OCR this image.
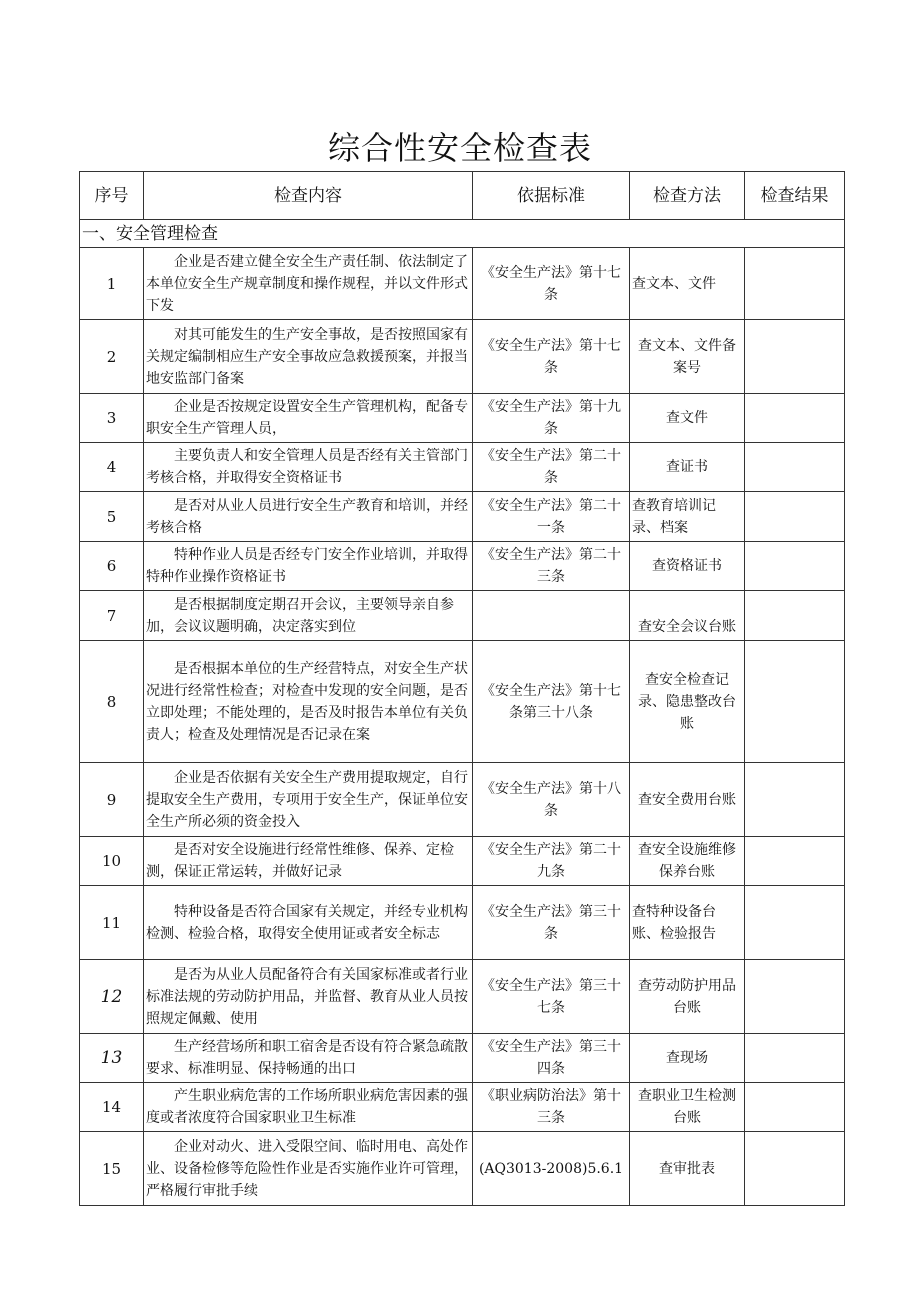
综合性安全检查表
序号	检查内容	依据标准	检查方法	检查结果
一、安全管理检查				
1	企业是否建立健全安全生产责任制、依法制定了本单位安全生产规章制度和操作规程，并以文件形式下发	《安全生产法》第十七条	查文本、文件	
2	对其可能发生的生产安全事故，是否按照国家有关规定编制相应生产安全事故应急救援预案，并报当地安监部门备案	《安全生产法》第十七条	查文本、文件备案号	
3	企业是否按规定设置安全生产管理机构，配备专职安全生产管理人员，	《安全生产法》第十九条	查文件	
4	主要负责人和安全管理人员是否经有关主管部门考核合格，并取得安全资格证书	《安全生产法》第二十条	查证书	
5	是否对从业人员进行安全生产教育和培训，并经考核合格	《安全生产法》第二十一条	查教育培训记录、档案	
6	特种作业人员是否经专门安全作业培训，并取得特种作业操作资格证书	《安全生产法》第二十三条	查资格证书	
7	是否根据制度定期召开会议，主要领导亲自参加，会议议题明确，决定落实到位		查安全会议台账	
8	是否根据本单位的生产经营特点，对安全生产状况进行经常性检查；对检查中发现的安全问题，是否立即处理；不能处理的，是否及时报告本单位有关负责人；检查及处理情况是否记录在案	《安全生产法》第十七条第三十八条	查安全检查记录、隐患整改台账	
9	企业是否依据有关安全生产费用提取规定，自行提取安全生产费用，专项用于安全生产，保证单位安全生产所必须的资金投入	《安全生产法》第十八条	查安全费用台账	
10	是否对安全设施进行经常性维修、保养、定检测，保证正常运转，并做好记录	《安全生产法》第二十九条	查安全设施维修保养台账	
11	特种设备是否符合国家有关规定，并经专业机构检测、检验合格，取得安全使用证或者安全标志	《安全生产法》第三十条	查特种设备台账、检验报告	
12	是否为从业人员配备符合有关国家标准或者行业标准法规的劳动防护用品，并监督、教育从业人员按照规定佩戴、使用	《安全生产法》第三十七条	查劳动防护用品台账	
13	生产经营场所和职工宿舍是否设有符合紧急疏散要求、标准明显、保持畅通的出口	《安全生产法》第三十四条	查现场	
14	产生职业病危害的工作场所职业病危害因素的强度或者浓度符合国家职业卫生标准	《职业病防治法》第十三条	查职业卫生检测台账	
15	企业对动火、进入受限空间、临时用电、高处作业、设备检修等危险性作业是否实施作业许可管理，严格履行审批手续	(AQ3013-2008)5.6.1	查审批表	
